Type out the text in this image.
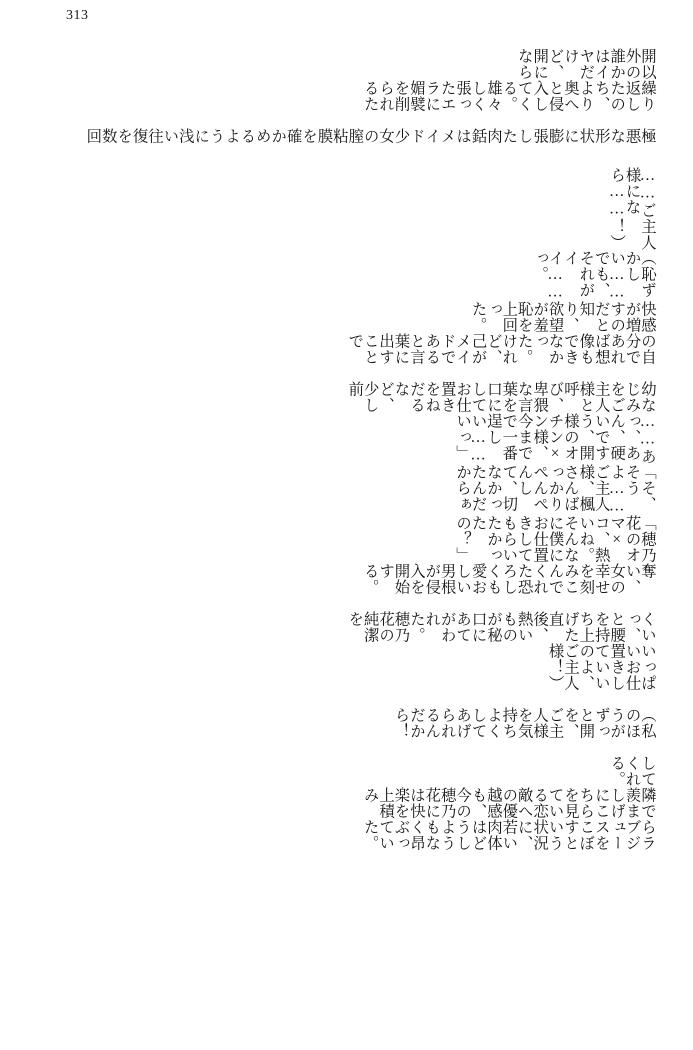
313
開以外の誰かはイヤだけど、開になら
繰り返したのち、より奥へと侵入してくる。雄々しく張ったエラに媚襞を削られるた
極悪な形状に膨張した肉銛はメイド少女の膣粘膜を確かめるように浅い往復を数回
……ご主人様になら……！）
（恥ずかしい……でも、それがイイ……っ。
快感が増すのだと知り、欲望が羞恥を上回った。
の自分であれば想像もできなかった。けれど、己がメイドであると言葉に出すことで
幼なじみをご主人様と呼び、卑猥な言葉を口にしてお仕置きをねだるなど、少し前
……あっ、あん、硬いですう、開様のオチン×ン様、今までで一番逞しい……いっ」
「そ、そうよ……ご主人様、楓さんばっかりぺんぺんして、切なかったんだからぁ
「穂乃花のオマ×コ、熱いね。そんなに僕にお仕置きしてもらいたかったの？」
奪い、女の幸せを刻みこんでくれた恐ろしくも愛おしい男根が侵入を開始する。
くいっ、と腰を持ち上げた直後、熱いものが秘口にあてがわれた。穂乃花の純潔を
いっぱいお仕置きしていいのよ、ご主人様！）
（私のほうがずっと開を、ご主人様を気持ちよくしてあげられるんだから！
してくれる。
隣で羨ましげにこちらを見ている恋敵への優越感も、今の穂乃花には快楽を上積み
らラブジュースをこぼすという状況に、若い肉体はどうしようもなく昂ぶっていた。
